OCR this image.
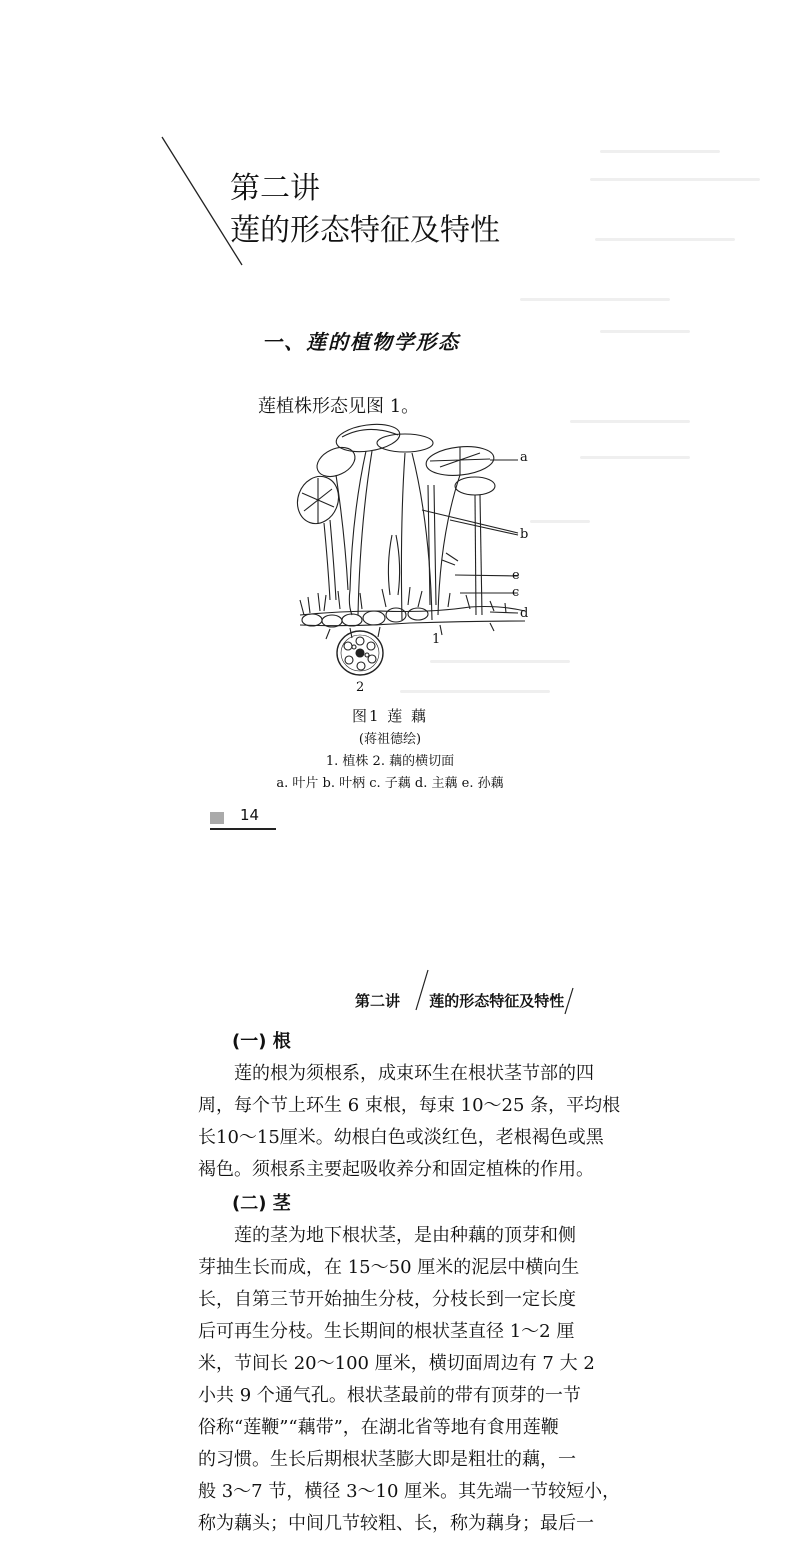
第二讲
莲的形态特征及特性
一、莲的植物学形态
莲植株形态见图 1。
a
b
e
c
d
1
2
图1 莲 藕
(蒋祖德绘)
1. 植株 2. 藕的横切面
a. 叶片 b. 叶柄 c. 子藕 d. 主藕 e. 孙藕
14
第二讲 莲的形态特征及特性
(一) 根
　　莲的根为须根系，成束环生在根状茎节部的四
周，每个节上环生 6 束根，每束 10～25 条，平均根
长10～15厘米。幼根白色或淡红色，老根褐色或黑
褐色。须根系主要起吸收养分和固定植株的作用。
(二) 茎
　　莲的茎为地下根状茎，是由种藕的顶芽和侧
芽抽生长而成，在 15～50 厘米的泥层中横向生
长，自第三节开始抽生分枝，分枝长到一定长度
后可再生分枝。生长期间的根状茎直径 1～2 厘
米，节间长 20～100 厘米，横切面周边有 7 大 2
小共 9 个通气孔。根状茎最前的带有顶芽的一节
俗称“莲鞭”“藕带”，在湖北省等地有食用莲鞭
的习惯。生长后期根状茎膨大即是粗壮的藕，一
般 3～7 节，横径 3～10 厘米。其先端一节较短小，
称为藕头；中间几节较粗、长，称为藕身；最后一
